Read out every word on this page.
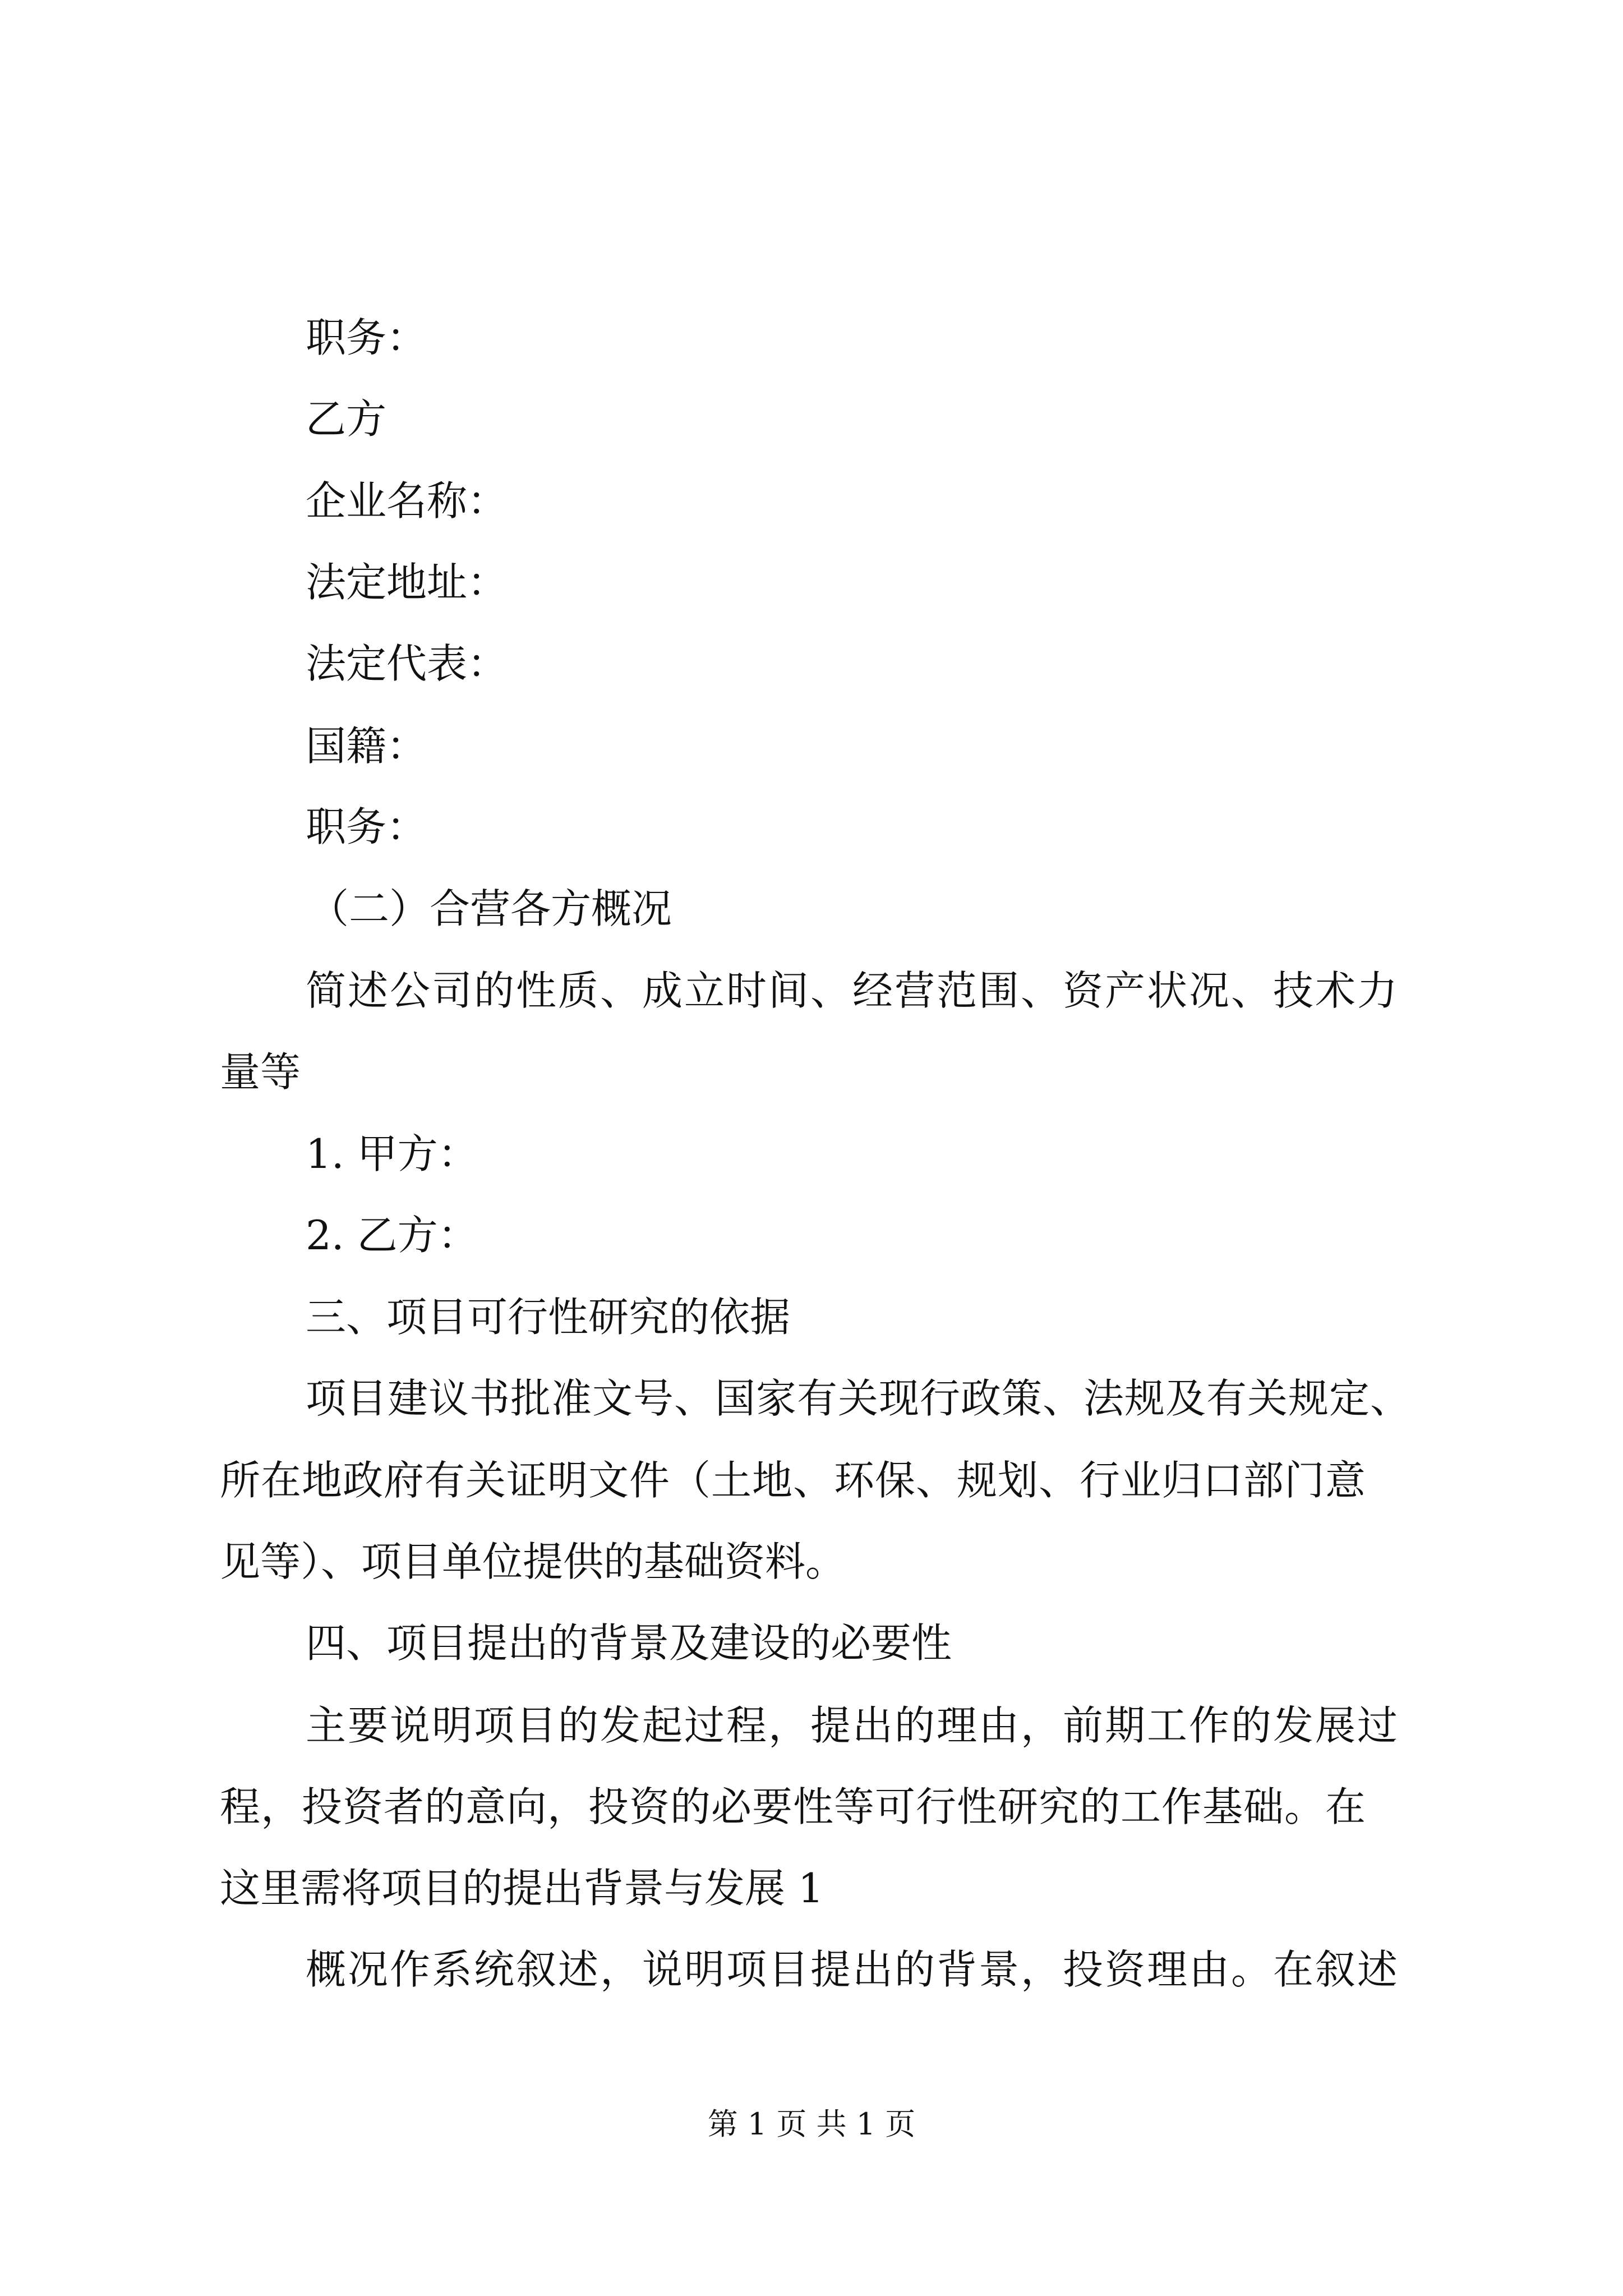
职务：
乙方
企业名称：
法定地址：
法定代表：
国籍：
职务：
（二）合营各方概况
简述公司的性质、成立时间、经营范围、资产状况、技术力
量等
1. 甲方：
2. 乙方：
三、项目可行性研究的依据
项目建议书批准文号、国家有关现行政策、法规及有关规定、
所在地政府有关证明文件（土地、环保、规划、行业归口部门意
见等）、项目单位提供的基础资料。
四、项目提出的背景及建设的必要性
主要说明项目的发起过程，提出的理由，前期工作的发展过
程，投资者的意向，投资的必要性等可行性研究的工作基础。在
这里需将项目的提出背景与发展 1
概况作系统叙述，说明项目提出的背景，投资理由。在叙述
第 1 页 共 1 页
